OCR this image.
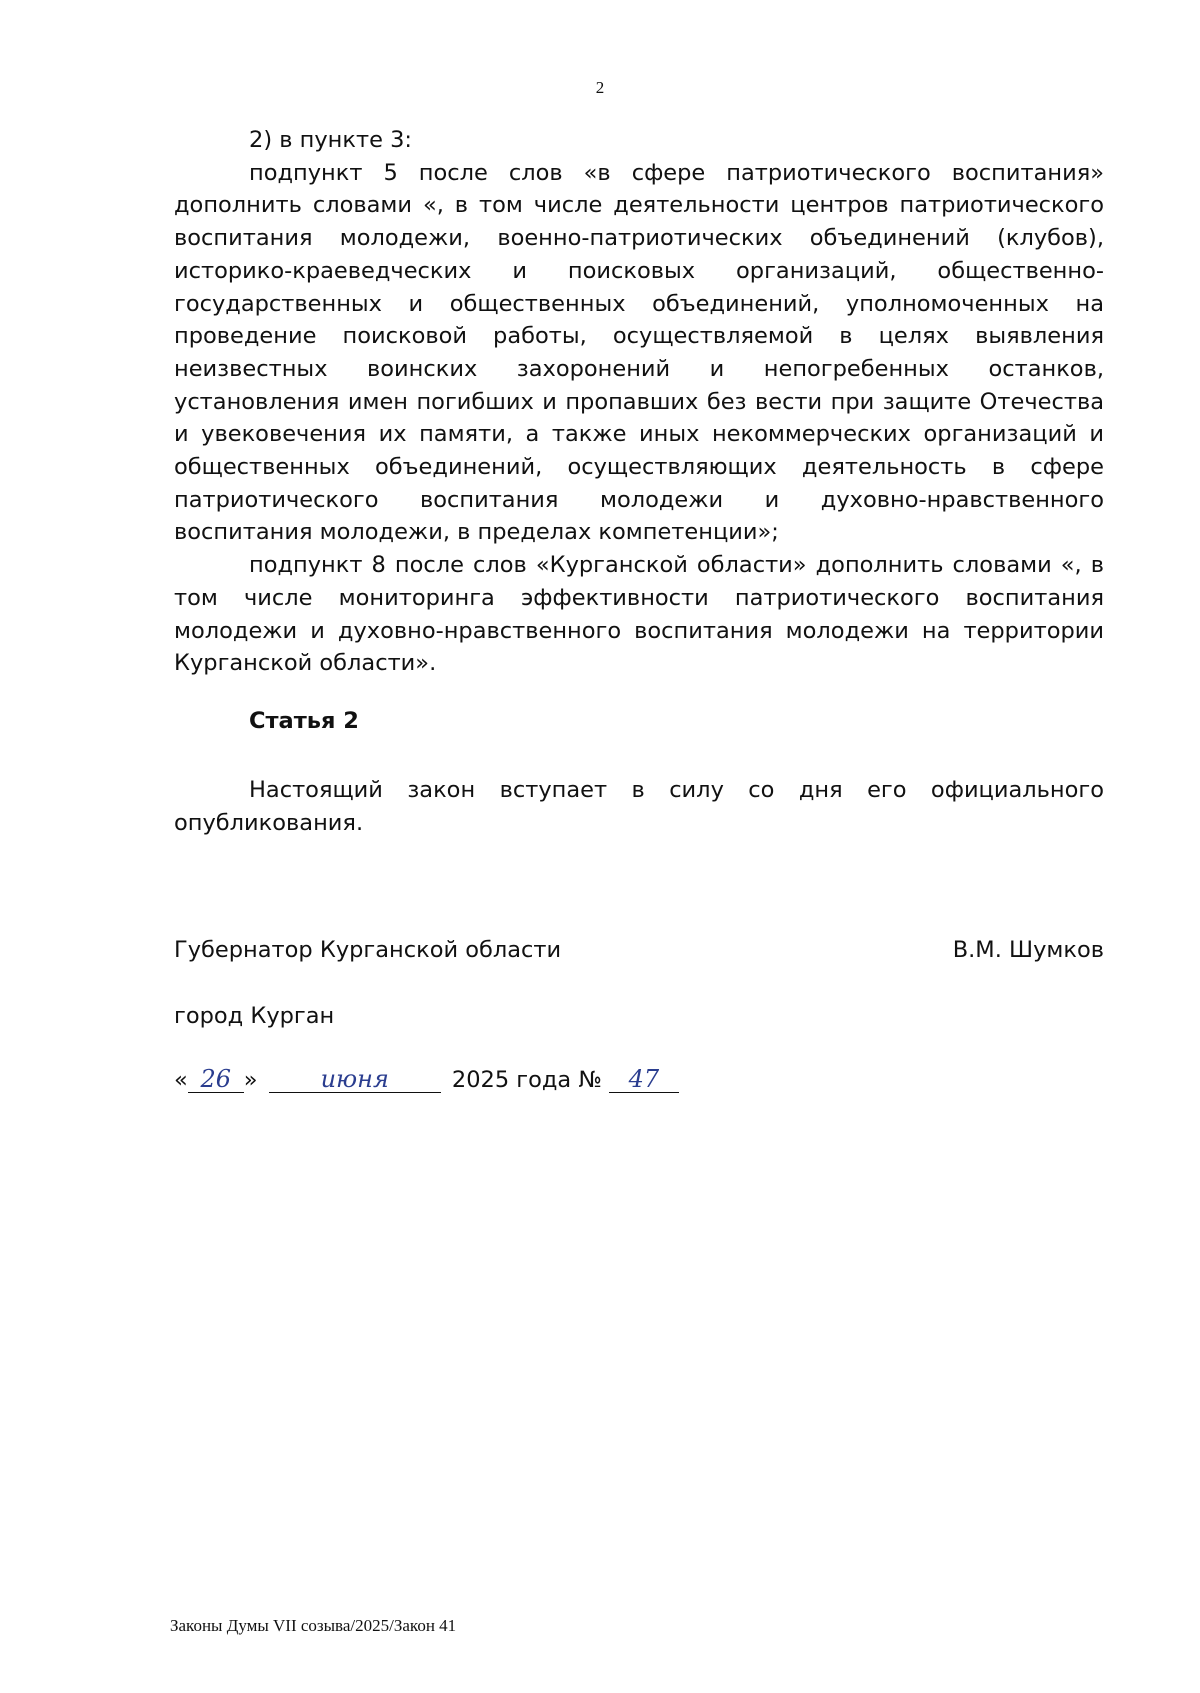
2

2) в пункте 3:

подпункт 5 после слов «в сфере патриотического воспитания» дополнить словами «, в том числе деятельности центров патриотического воспитания молодежи, военно-патриотических объединений (клубов), историко-краеведческих и поисковых организаций, общественно-государственных и общественных объединений, уполномоченных на проведение поисковой работы, осуществляемой в целях выявления неизвестных воинских захоронений и непогребенных останков, установления имен погибших и пропавших без вести при защите Отечества и увековечения их памяти, а также иных некоммерческих организаций и общественных объединений, осуществляющих деятельность в сфере патриотического воспитания молодежи и духовно-нравственного воспитания молодежи, в пределах компетенции»;

подпункт 8 после слов «Курганской области» дополнить словами «, в том числе мониторинга эффективности патриотического воспитания молодежи и духовно-нравственного воспитания молодежи на территории Курганской области».

Статья 2

Настоящий закон вступает в силу со дня его официального опубликования.

Губернатор Курганской области	В.М. Шумков
город Курган
« 26 »	июня	2025 года № 47
Законы Думы VII созыва/2025/Закон 41
